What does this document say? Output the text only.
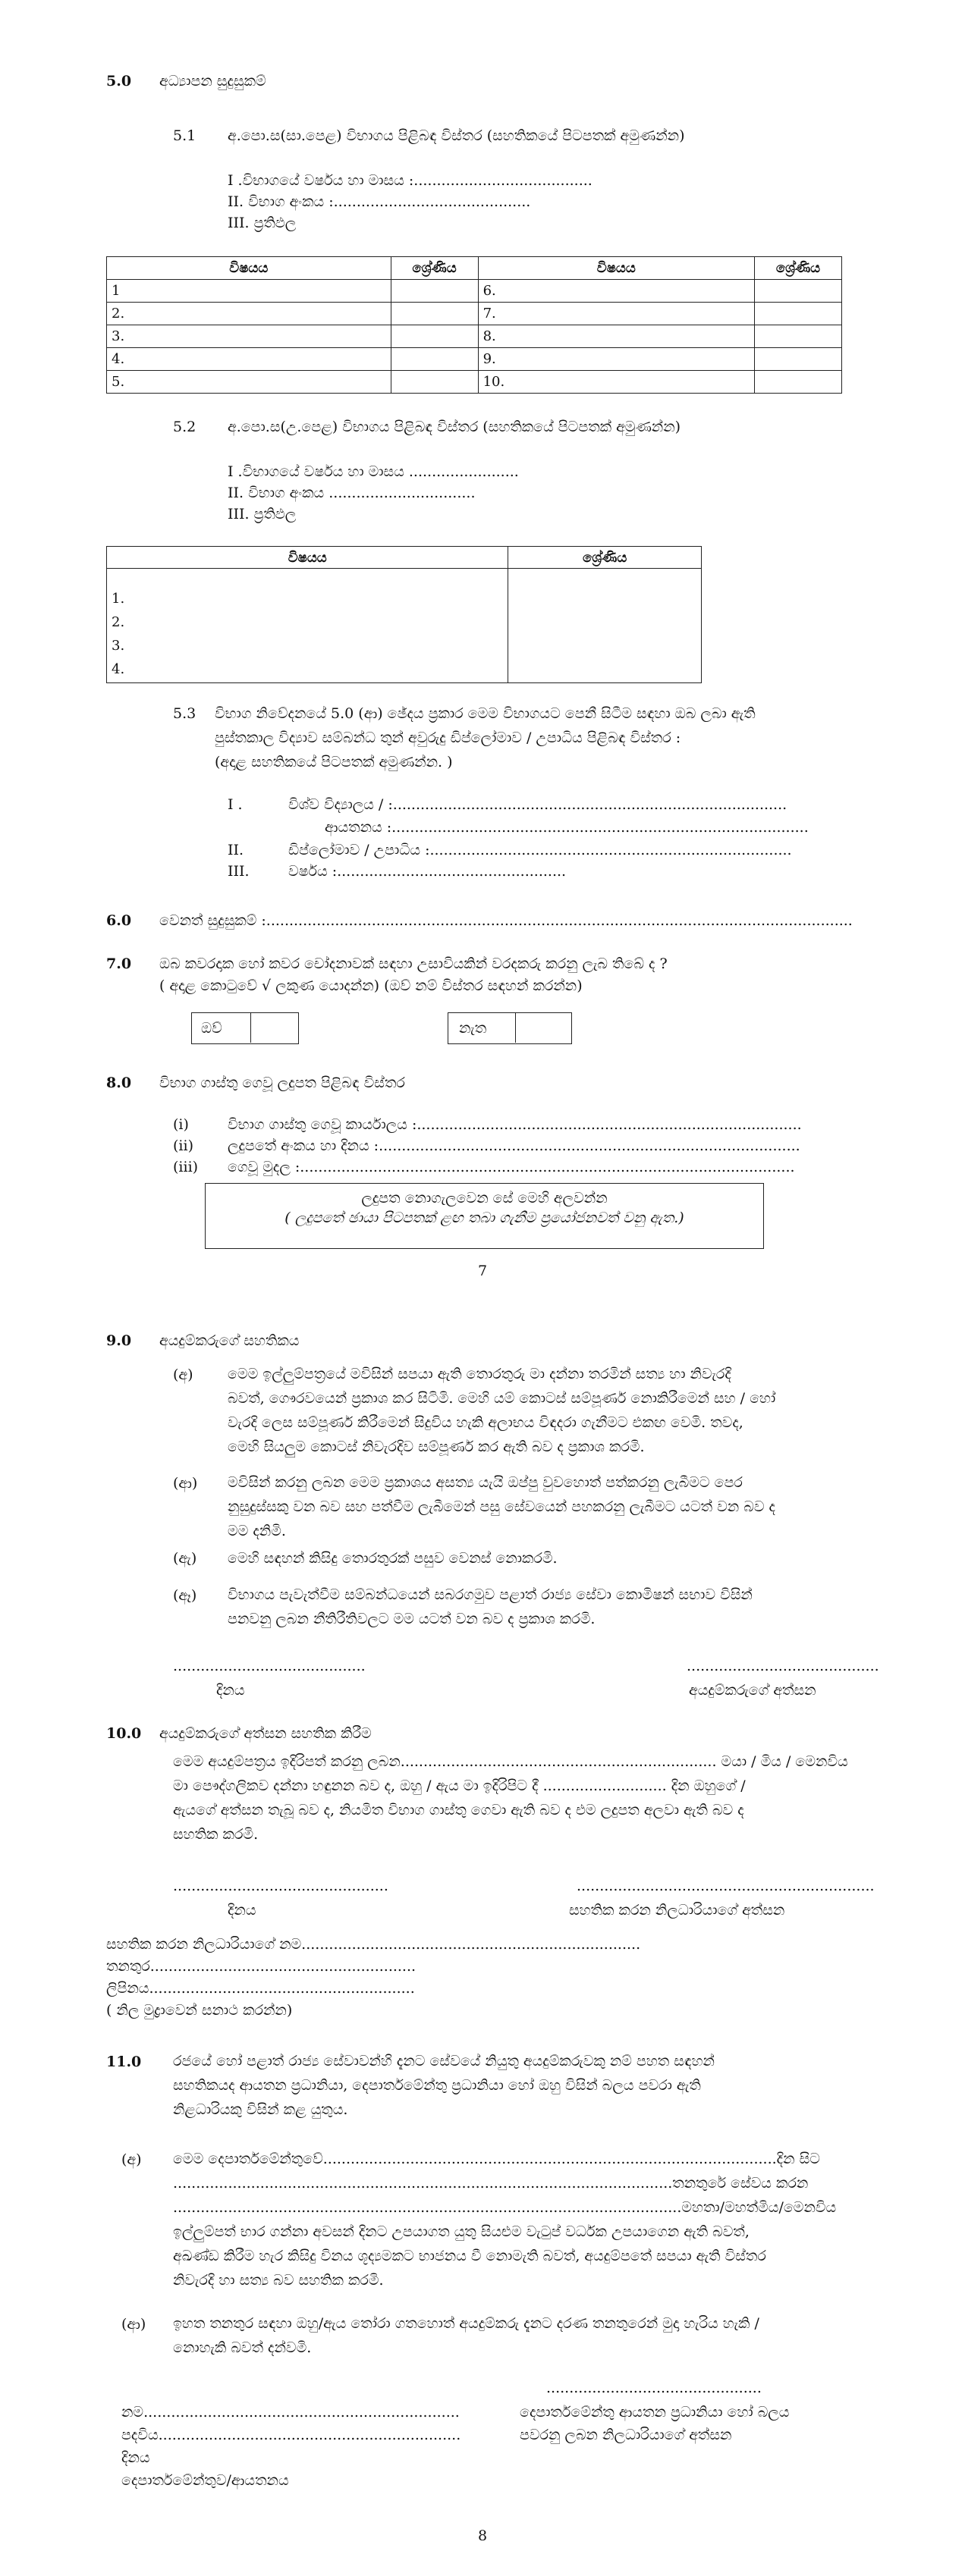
5.0 අධ්‍යාපන සුදුසුකම්
5.1 අ.පො.ස(සා.පෙළ) විභාගය පිළිබඳ විස්තර (සහතිකයේ පිටපතක් අමුණන්න)
I .විභාගයේ වර්ෂය හා මාසය :.......................................
II. විභාග අංකය :...........................................
III. ප්‍රතිඵල
විෂයය	ශ්‍රේණිය	විෂයය	ශ්‍රේණිය
1		6.	
2.		7.	
3.		8.	
4.		9.	
5.		10.	
5.2 අ.පො.ස(උ.පෙළ) විභාගය පිළිබඳ විස්තර (සහතිකයේ පිටපතක් අමුණන්න)
I .විභාගයේ වර්ෂය හා මාසය ........................
II. විභාග අංකය ................................
III. ප්‍රතිඵල
විෂයය	ශ්‍රේණිය

1.
2.
3.
4.	

5.3 විභාග නිවේදනයේ 5.0 (ආ) ඡේදය ප්‍රකාර මෙම විභාගයට පෙනී සිටීම සඳහා ඔබ ලබා ඇති
පුස්තකාල විද්‍යාව සම්බන්ධ තුන් අවුරුදු ඩිප්ලෝමාව / උපාධිය පිළිබඳ විස්තර :
(අදාළ සහතිකයේ පිටපතක් අමුණන්න. )
I .	විශ්ව විද්‍යාලය / :......................................................................................
ආයතනය :...........................................................................................
II.	ඩිප්ලෝමාව / උපාධිය :...............................................................................
III.	වර්ෂය :..................................................
6.0 වෙනත් සුදුසුකම් :................................................................................................................................
7.0 ඔබ කවරදාක හෝ කවර චෝදනාවක් සඳහා උසාවියකින් වරදකරු කරනු ලැබ තිබේ ද ?
( අදාළ කොටුවේ √ ලකුණ යොදන්න) (ඔව් නම් විස්තර සඳහන් කරන්න)
ඔව්	නැත
8.0 විභාග ගාස්තු ගෙවූ ලදුපත පිළිබඳ විස්තර
(i)	විභාග ගාස්තු ගෙවූ කාර්යාලය :....................................................................................
(ii) ලදුපතේ අංකය හා දිනය :............................................................................................
(iii) ගෙවූ මුදල :............................................................................................................
ලදුපත නොගැලවෙන සේ මෙහි අලවන්න
( ලදුපතේ ඡායා පිටපතක් ළඟ තබා ගැනීම ප්‍රයෝජනවත් වනු ඇත.)
7
9.0 අයදුම්කරුගේ සහතිකය
(අ) මෙම ඉල්ලුම්පත්‍රයේ මවිසින් සපයා ඇති තොරතුරු මා දන්නා තරමින් සත්‍ය හා නිවැරදි
බවත්, ගෞරවයෙන් ප්‍රකාශ කර සිටිමි. මෙහි යම් කොටස් සම්පූර්ණ නොකිරීමෙන් සහ / හෝ
වැරදි ලෙස සම්පූර්ණ කිරීමෙන් සිදුවිය හැකි අලාභය විඳදරා ගැනීමට එකඟ වෙමි. තවද,
මෙහි සියලුම කොටස් නිවැරදිව සම්පූර්ණ කර ඇති බව ද ප්‍රකාශ කරමි.
(ආ) මවිසින් කරනු ලබන මෙම ප්‍රකාශය අසත්‍ය යැයි ඔප්පු වුවහොත් පත්කරනු ලැබීමට පෙර
නුසුදුස්සකු වන බව සහ පත්වීම ලැබීමෙන් පසු සේවයෙන් පහකරනු ලැබීමට යටත් වන බව ද
මම දනිමි.
(ඇ) මෙහි සඳහන් කිසිදු තොරතුරක් පසුව වෙනස් නොකරමි.
(ඈ) විභාගය පැවැත්වීම සම්බන්ධයෙන් සබරගමුව පළාත් රාජ්‍ය සේවා කොමිෂන් සභාව විසින්
පනවනු ලබන නීතිරීතිවලට මම යටත් වන බව ද ප්‍රකාශ කරමි.
..........................................	..........................................
දිනය	අයදුම්කරුගේ අත්සන
10.0 අයදුම්කරුගේ අත්සන සහතික කිරීම
මෙම අයදුම්පත්‍රය ඉදිරිපත් කරනු ලබන..................................................................... මයා / මිය / මෙනවිය
මා පෞද්ගලිකව දන්නා හඳුනන බව ද, ඔහු / ඇය මා ඉදිරිපිට දී ........................... දින ඔහුගේ /
ඇයගේ අත්සන තැබූ බව ද, නියමිත විභාග ගාස්තු ගෙවා ඇති බව ද එම ලදුපත අලවා ඇති බව ද
සහතික කරමි.
...............................................	.................................................................
දිනය	සහතික කරන නිලධාරියාගේ අත්සන
සහතික කරන නිලධාරියාගේ නම..........................................................................
තනතුර..........................................................
ලිපිනය..........................................................
( නිල මුද්‍රාවෙන් සනාථ කරන්න)
11.0 රජයේ හෝ පළාත් රාජ්‍ය සේවාවන්හි දැනට සේවයේ නියුතු අයදුම්කරුවකු නම් පහත සඳහන්
සහතිකයද ආයතන ප්‍රධානියා, දෙපාර්තමේන්තු ප්‍රධානියා හෝ ඔහු විසින් බලය පවරා ඇති
නිළධාරියකු විසින් කළ යුතුය.
(අ) මෙම දෙපාර්තමේන්තුවේ...................................................................................................දින සිට
.............................................................................................................තනතුරේ සේවය කරන
...............................................................................................................මහතා/මහත්මිය/මෙනවිය
ඉල්ලුම්පත් භාර ගන්නා අවසන් දිනට උපයාගත යුතු සියළුම වැටුප් වර්ධක උපයාගෙන ඇති බවත්,
අඛණ්ඩ කිරීම හැර කිසිදු විනය ශූද්‍යමකට භාජනය වී නොමැති බවත්, අයදුම්පතේ සපයා ඇති විස්තර
නිවැරදි හා සත්‍ය බව සහතික කරමි.
(ආ) ඉහත තනතුර සඳහා ඔහු/ඇය තෝරා ගතහොත් අයදුම්කරු දැනට දරණ තනතුරෙන් මුදා හැරිය හැකි /
නොහැකි බවත් දන්වමි.
...............................................
නම.....................................................................	දෙපාර්තමේන්තු ආයතන ප්‍රධානියා හෝ බලය
පදවිය..................................................................	පවරනු ලබන නිලධාරියාගේ අත්සන
දිනය
දෙපාර්තමේන්තුව/ආයතනය
8
